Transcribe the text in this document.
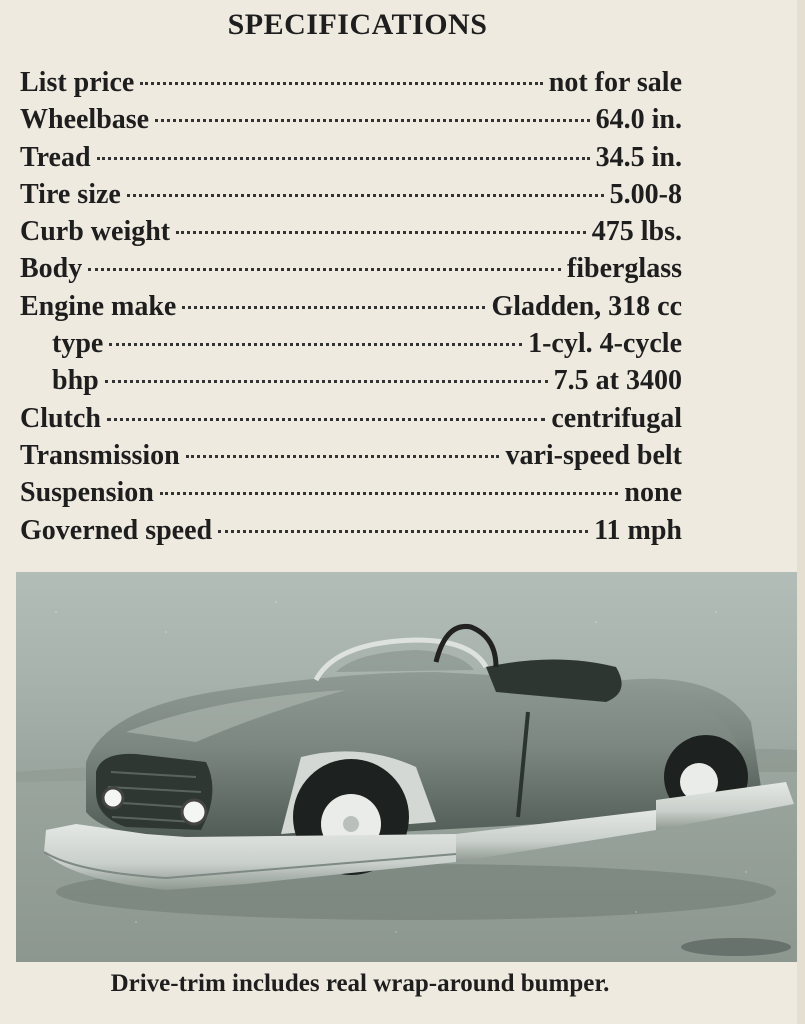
SPECIFICATIONS
List price	not for sale
Wheelbase	64.0 in.
Tread	34.5 in.
Tire size	5.00-8
Curb weight	475 lbs.
Body	fiberglass
Engine make	Gladden, 318 cc
type	1-cyl. 4-cycle
bhp	7.5 at 3400
Clutch	centrifugal
Transmission	vari-speed belt
Suspension	none
Governed speed	11 mph
Drive-trim includes real wrap-around bumper.
